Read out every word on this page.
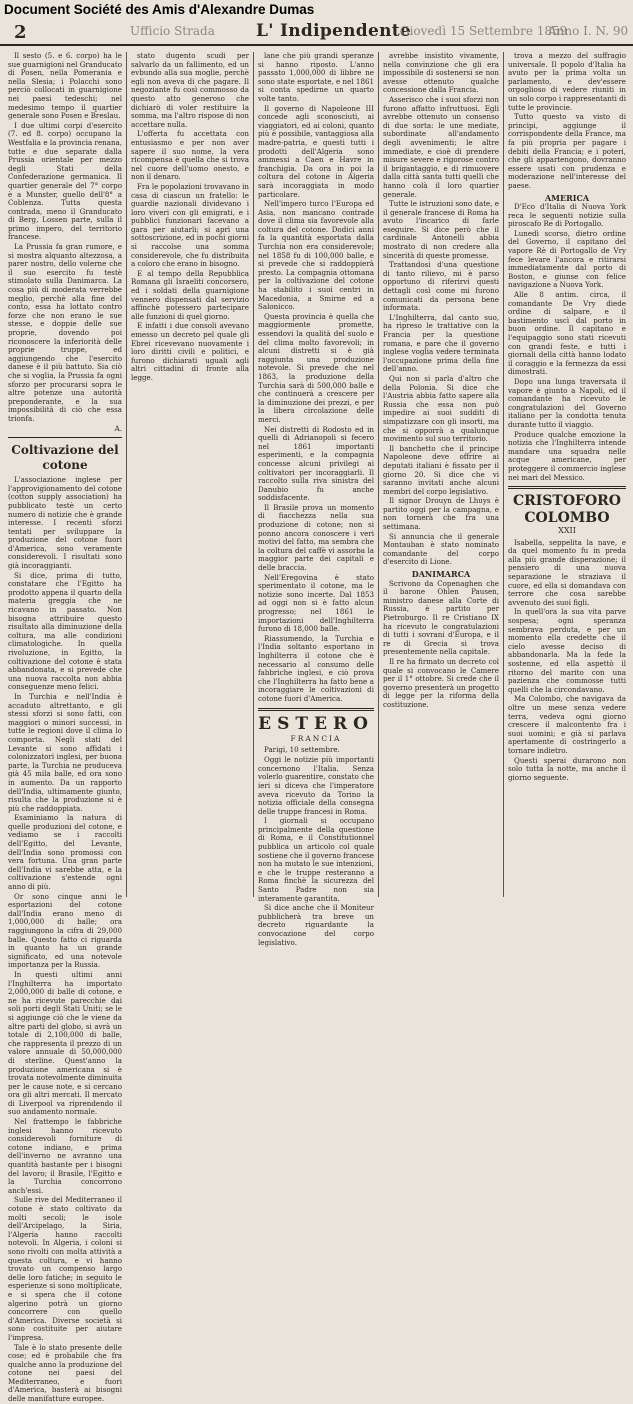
Document Société des Amis d'Alexandre Dumas
2	Ufficio Strada L' Indipendente
Giovedì 15 Settembre 1859
Anno I. N. 90

Il sesto (5. e 6. corpo) ha le sue guarnigioni nel Granducato di Posen, nella Pomerania e nella Slesia; i Polacchi sono perciò collocati in guarnigione nei paesi tedeschi; nel medesimo tempo il quartier generale sono Posen e Breslau.

I due ultimi corpi d'esercito (7. ed 8. corpo) occupano la Westfalia e la provincia renana, tutte e due separate dalla Prussia orientale per mezzo degli Stati della Confederazione germanica. Il quartier generale del 7° corpo è a Munster, quello dell'8° a Coblenza. Tutta questa contrada, meno il Granducato di Berg, Lossen parte, sulla il primo impero, del territorio francese.

La Prussia fa gran rumore, e si mostra alquanto altezzosa, a parer nostro, dello volerne che il suo esercito fu testè stimolato sulla Danimarca. La cosa più di moderata verrebbe meglio, perchè alla fine del conto, essa ha lottato contro forze che non erano le sue stesse, e doppie delle sue proprie, dovendo poi riconoscere la inferiorità delle proprie truppe, ed aggiungendo che l'esercito danese è il più battuto. Sia ciò che si voglia, la Prussia fa ogni sforzo per procurarsi sopra le altre potenze una autorità preponderante, e la sua impossibilità di ciò che essa trionfa.

A.
Coltivazione del cotone

L'associazione inglese per l'approvigionamento del cotone (cotton supply association) ha pubblicato testè un certo numero di notizie che è grande interesse. I recenti sforzi tentati per sviluppare la produzione del cotone fuori d'America, sono veramente considerevoli. I risultati sono già incoraggianti.

Si dice, prima di tutto, constatare che l'Egitto ha prodotto appena il quarto della materia greggia che ne ricavano in passato. Non bisogna attribuire questo risultato alla diminuzione della coltura, ma alle condizioni climatologiche. In quella rivoluzione, in Egitto, la coltivazione del cotone è stata abbandonata, e si prevede che una nuova raccolta non abbia conseguenze meno felici.

In Turchia e nell'India è accaduto altrettanto, e gli stessi sforzi si sono fatti, con maggiori o minori successi, in tutte le regioni dove il clima lo comporta. Negli stati del Levante si sono affidati i colonizzatori inglesi, per buona parte, la Turchia ne produceva già 45 mila balle, ed ora sono in aumento. Da un rapporto dell'India, ultimamente giunto, risulta che la produzione si è più che raddoppiata.

Esaminiamo la natura di quelle produzioni del cotone, e vediamo se i raccolti dell'Egitto, del Levante, dell'India sono promossi con vera fortuna. Una gran parte dell'India vi sarebbe atta, e la coltivazione s'estende ogni anno di più.

Or sono cinque anni le esportazioni del cotone dall'India erano meno di 1,000,000 di balle; ora raggiungono la cifra di 29,000 balle. Questo fatto ci riguarda in quanto ha un grande significato, ed una notevole importanza per la Russia.

In questi ultimi anni l'Inghilterra ha importato 2,000,000 di balle di cotone, e ne ha ricevute parecchie dai soli porti degli Stati Uniti; se le si aggiunge ciò che le viene da altre parti del globo, si avrà un totale di 2,100,000 di balle, che rappresenta il prezzo di un valore annuale di 50,000,000 di sterline. Quest'anno la produzione americana si è trovata notevolmente diminuita per le cause note, e si cercano ora gli altri mercati. Il mercato di Liverpool va riprendendo il suo andamento normale.

Nel frattempo le fabbriche inglesi hanno ricevuto considerevoli forniture di cotone indiano, e prima dell'inverno ne avranno una quantità bastante per i bisogni del lavoro; il Brasile, l'Egitto e la Turchia concorrono anch'essi.

Sulle rive del Mediterraneo il cotone è stato coltivato da molti secoli; le isole dell'Arcipelago, la Siria, l'Algeria hanno raccolti notevoli. In Algeria, i coloni si sono rivolti con molta attività a questa coltura, e vi hanno trovato un compenso largo delle loro fatiche; in seguito le esperienze si sono moltiplicate, e si spera che il cotone algerino potrà un giorno concorrere con quello d'America. Diverse società si sono costituite per aiutare l'impresa.

Tale è lo stato presente delle cose; ed è probabile che fra qualche anno la produzione del cotone nei paesi del Mediterraneo, e fuori d'America, basterà ai bisogni delle manifatture europee.

stato dugento scudi per salvarlo da un fallimento, ed un evbundo alla sua moglie, perchè egli non aveva di che pagare. Il negoziante fu così commosso da questo atto generoso che dichiarò di voler restituire la somma, ma l'altro rispose di non accettare nulla.

L'offerta fu accettata con entusiasmo e per non aver sapere il suo nome, la vera ricompensa è quella che si trova nel cuore dell'uomo onesto, e non il denaro.

Fra le popolazioni trovavano in casa di ciascun un fratello: le guardie nazionali dividevano i loro viveri con gli emigrati, e i pubblici funzionari facevano a gara per aiutarli; si aprì una sottoscrizione, ed in pochi giorni si raccolse una somma considerevole, che fu distribuita a coloro che erano in bisogno.

E al tempo della Repubblica Romana gli Israeliti concorsero, ed i soldati della guarnigione vennero dispensati dal servizio affinchè potessero partecipare alle funzioni di quel giorno.

E infatti i due consoli avevano emesso un decreto pel quale gli Ebrei ricevevano nuovamente i loro diritti civili e politici, e furono dichiarati uguali agli altri cittadini di fronte alla legge.

lane che più grandi speranze si hanno riposto. L'anno passato 1,000,000 di libbre ne sono state esportate, e nel 1861 si conta spedirne un quarto volte tanto.

Il governo di Napoleone III concede agli sconosciuti, ai viaggiatori, ed ai coloni, quanto più è possibile, vantaggiosa alla madre-patria, e questi tutti i prodotti dell'Algeria sono ammessi a Caen e Havre in franchigia. Da ora in poi la coltura del cotone in Algeria sarà incoraggiata in modo particolare.

Nell'impero turco l'Europa ed Asia, non mancano contrade dove il clima sia favorevole alla coltura del cotone. Dodici anni fa la quantità esportata dalla Turchia non era considerevole; nel 1858 fu di 100,000 balle, e si prevede che si raddoppierà presto. La compagnia ottomana per la coltivazione del cotone ha stabilito i suoi centri in Macedonia, a Smirne ed a Salonicco.

Questa provincia è quella che maggiormente promette, essendovi la qualità del suolo e del clima molto favorevoli; in alcuni distretti si è già raggiunta una produzione notevole. Si prevede che nel 1863, la produzione della Turchia sarà di 500,000 balle e che continuerà a crescere per la diminuzione dei prezzi, e per la libera circolazione delle merci.

Nei distretti di Rodosto ed in quelli di Adrianopoli si fecero nel 1861 importanti esperimenti, e la compagnia concesse alcuni privilegi ai coltivatori per incoraggiarli. Il raccolto sulla riva sinistra del Danubio fu anche soddisfacente.

Il Brasile prova un momento di fiacchezza nella sua produzione di cotone; non si ponno ancora conoscere i veri motivi del fatto, ma sembra che la coltura del caffè vi assorba la maggior parte dei capitali e delle braccia.

Nell'Eregovina è stato sperimentato il cotone, ma le notizie sono incerte. Dal 1853 ad oggi non si è fatto alcun progresso; nel 1861 le importazioni dell'Inghilterra furono di 18,000 balle.

Riassumendo, la Turchia e l'India soltanto esportano in Inghilterra il cotone che è necessario al consumo delle fabbriche inglesi, e ciò prova che l'Inghilterra ha fatto bene a incoraggiare le coltivazioni di cotone fuori d'America.

ESTERO
FRANCIA

Parigi, 10 settembre.

Oggi le notizie più importanti concernono l'Italia. Senza volerlo guarentire, constato che ieri si diceva che l'imperatore aveva ricevuto da Torino la notizia officiale della consegna delle truppe francesi in Roma.

I giornali si occupano principalmente della questione di Roma, e il Constitutionnel pubblica un articolo col quale sostiene che il governo francese non ha mutato le sue intenzioni, e che le truppe resteranno a Roma finchè la sicurezza del Santo Padre non sia interamente garantita.

Si dice anche che il Moniteur pubblicherà tra breve un decreto riguardante la convocazione del corpo legislativo.

avrebbe insistito vivamente, nella convinzione che gli era impossibile di sostenersi se non avesse ottenuto qualche concessione dalla Francia.

Asserisco che i suoi sforzi non furono affatto infruttuosi. Egli avrebbe ottenuto un consenso di due sorta: le une mediate, subordinate all'andamento degli avvenimenti; le altre immediate, e cioè di prendere misure severe e rigorose contro il brigantaggio, e di rimuovere dalla città santa tutti quelli che hanno colà il loro quartier generale.

Tutte le istruzioni sono date, e il generale francese di Roma ha avuto l'incarico di farle eseguire. Si dice però che il cardinale Antonelli abbia mostrato di non credere alla sincerità di queste promesse.

Trattandosi d'una questione di tanto rilievo, mi è parso opportuno di riferirvi questi dettagli così come mi furono comunicati da persona bene informata.

L'Inghilterra, dal canto suo, ha ripreso le trattative con la Francia per la questione romana, e pare che il governo inglese voglia vedere terminata l'occupazione prima della fine dell'anno.

Qui non si parla d'altro che della Polonia. Si dice che l'Austria abbia fatto sapere alla Russia che essa non può impedire ai suoi sudditi di simpatizzare con gli insorti, ma che si opporrà a qualunque movimento sul suo territorio.

Il banchetto che il principe Napoleone deve offrire ai deputati italiani è fissato per il giorno 20. Si dice che vi saranno invitati anche alcuni membri del corpo legislativo.

Il signor Drouyn de Lhuys è partito oggi per la campagna, e non tornerà che fra una settimana.

Si annuncia che il generale Montauban è stato nominato comandante del corpo d'esercito di Lione.

DANIMARCA

Scrivono da Copenaghen che il barone Ohlen Pausen, ministro danese alla Corte di Russia, è partito per Pietroburgo. Il re Cristiano IX ha ricevuto le congratulazioni di tutti i sovrani d'Europa, e il re di Grecia si trova presentemente nella capitale.

Il re ha firmato un decreto col quale si convocano le Camere per il 1° ottobre. Si crede che il governo presenterà un progetto di legge per la riforma della costituzione.

trova a mezzo del suffragio universale. Il popolo d'Italia ha avuto per la prima volta un parlamento, e dev'essere orgoglioso di vedere riuniti in un solo corpo i rappresentanti di tutte le provincie.

Tutto questo va visto di principi, aggiunge il corrispondente della France, ma fa più propria per pagare i debiti della Francia; e i poteri, che gli appartengono, dovranno essere usati con prudenza e moderazione nell'interesse del paese.

AMERICA

D'Eco d'Italia di Nuova York reca le seguenti notizie sulla piroscafo Re di Portogallo.

Lunedì scorso, dietro ordine del Governo, il capitano del vapore Rè di Portogallo de Vry fece levare l'ancora e ritirarsi immediatamente dal porto di Boston, e giunse con felice navigazione a Nuova York.

Alle 8 antim. circa, il comandante De Vry diede ordine di salpare, e il bastimento uscì dal porto in buon ordine. Il capitano e l'equipaggio sono stati ricevuti con grandi feste, e tutti i giornali della città hanno lodato il coraggio e la fermezza da essi dimostrati.

Dopo una lunga traversata il vapore è giunto a Napoli, ed il comandante ha ricevuto le congratulazioni del Governo italiano per la condotta tenuta durante tutto il viaggio.

Produce qualche emozione la notizia che l'Inghilterra intende mandare una squadra nelle acque americane, per proteggere il commercio inglese nei mari del Messico.

CRISTOFORO COLOMBO
XXII

Isabella, seppelita la nave, e da quel momento fu in preda alla più grande disperazione; il pensiero di una nuova separazione le straziava il cuore, ed ella si domandava con terrore che cosa sarebbe avvenuto dei suoi figli.

In quell'ora la sua vita parve sospesa; ogni speranza sembrava perduta, e per un momento ella credette che il cielo avesse deciso di abbandonarla. Ma la fede la sostenne, ed ella aspettò il ritorno del marito con una pazienza che commosse tutti quelli che la circondavano.

Ma Colombo, che navigava da oltre un mese senza vedere terra, vedeva ogni giorno crescere il malcontento fra i suoi uomini; e già si parlava apertamente di costringerlo a tornare indietro.

Questi sperai durarono non solo tutta la notte, ma anche il giorno seguente.
